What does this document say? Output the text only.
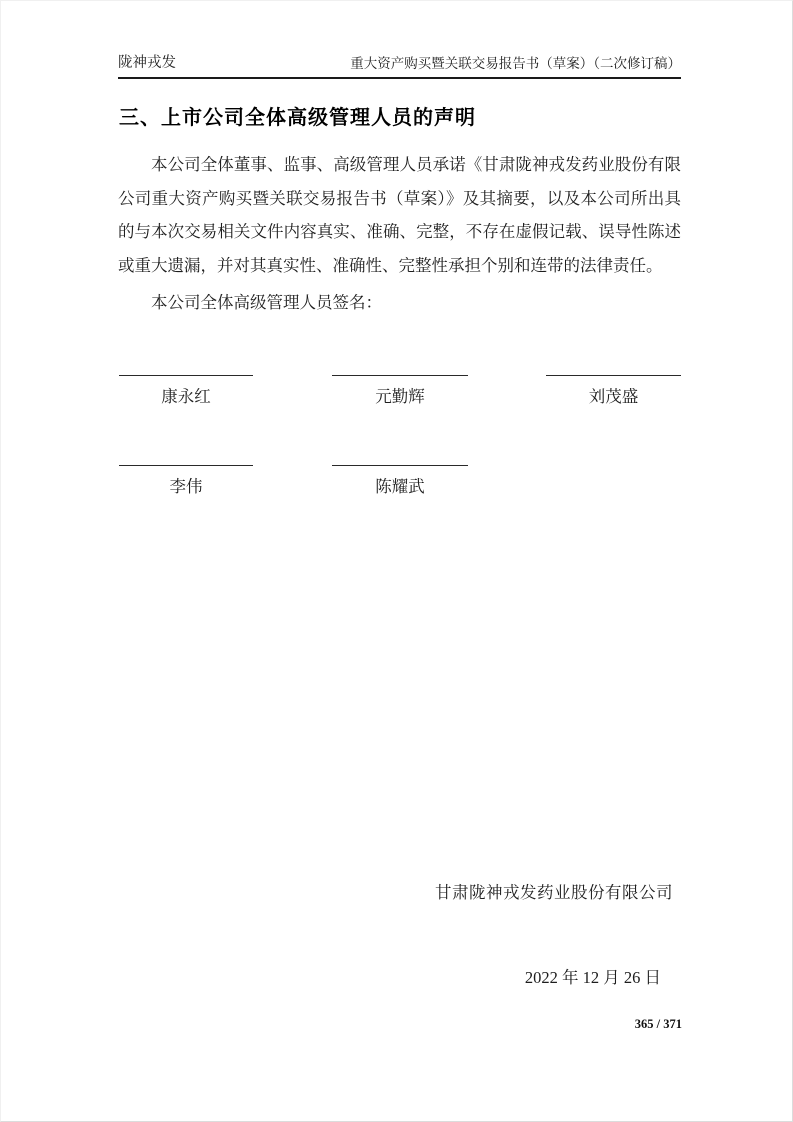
陇神戎发	重大资产购买暨关联交易报告书（草案）（二次修订稿）
三、上市公司全体高级管理人员的声明
本公司全体董事、监事、高级管理人员承诺《甘肃陇神戎发药业股份有限公司重大资产购买暨关联交易报告书（草案）》及其摘要，以及本公司所出具的与本次交易相关文件内容真实、准确、完整，不存在虚假记载、误导性陈述或重大遗漏，并对其真实性、准确性、完整性承担个别和连带的法律责任。
本公司全体高级管理人员签名：
康永红	元勤辉	刘茂盛
李伟	陈耀武
甘肃陇神戎发药业股份有限公司
2022 年 12 月 26 日
365 / 371
